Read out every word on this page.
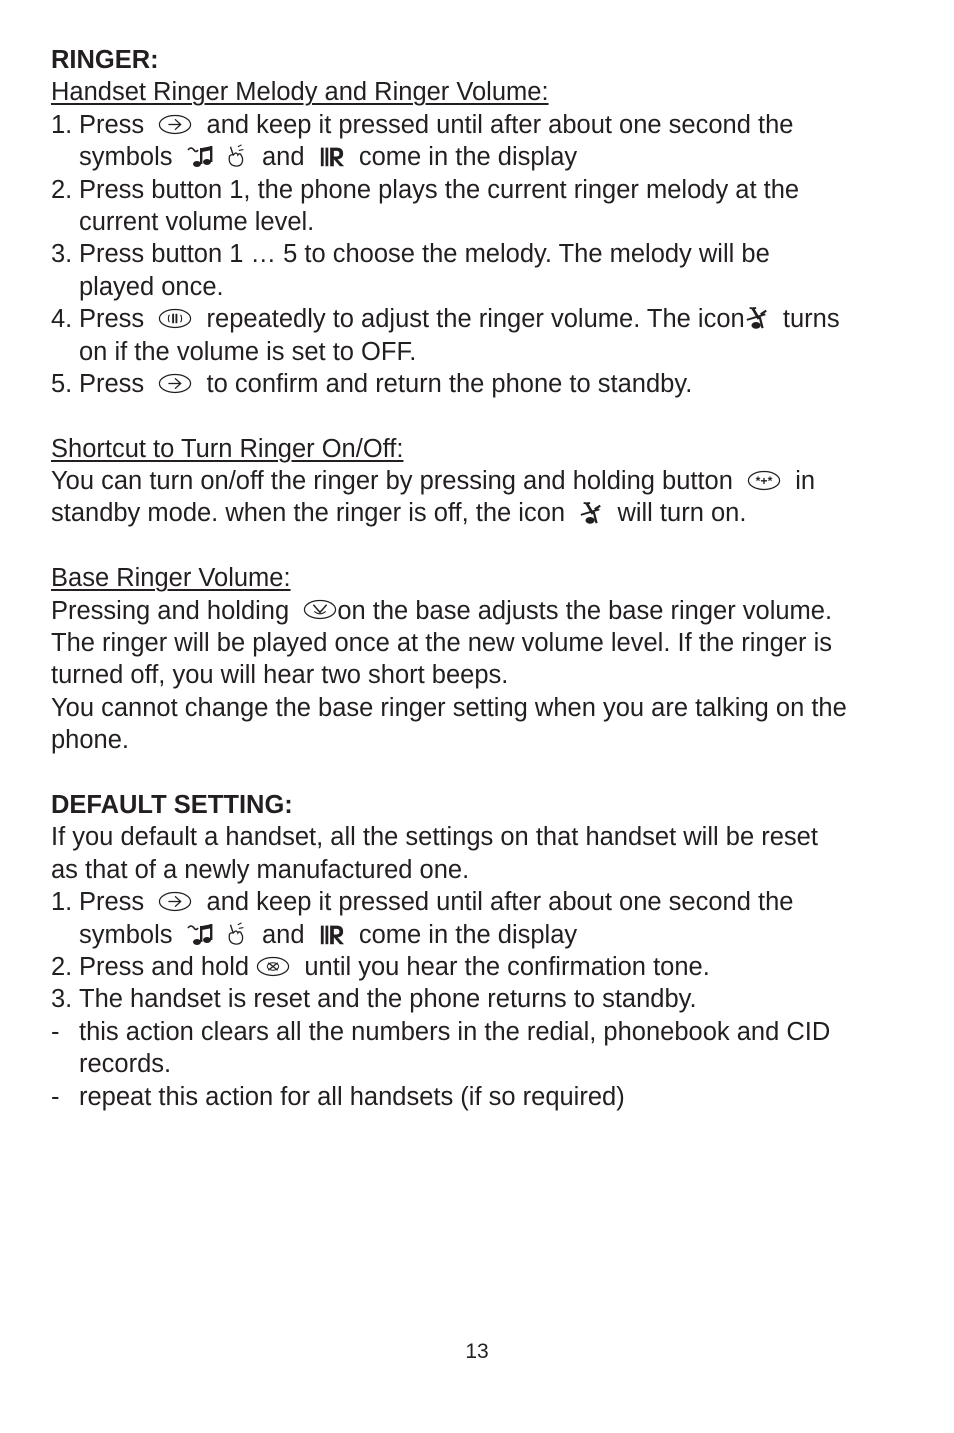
RINGER:
Handset Ringer Melody and Ringer Volume:
1. Press and keep it pressed until after about one second the
symbols
	and come in the display
2. Press button 1, the phone plays the current ringer melody at the
current volume level.
3. Press button 1 … 5 to choose the melody. The melody will be
played once.
4. Press repeatedly to adjust the ringer volume. The icon turns
on if the volume is set to OFF.
5. Press to confirm and return the phone to standby.
Shortcut to Turn Ringer On/Off:
You can turn on/off the ringer by pressing and holding button in
standby mode. when the ringer is off, the icon will turn on.
Base Ringer Volume:
Pressing and holding on the base adjusts the base ringer volume.
The ringer will be played once at the new volume level. If the ringer is
turned off, you will hear two short beeps.
You cannot change the base ringer setting when you are talking on the
phone.
DEFAULT SETTING:
If you default a handset, all the settings on that handset will be reset
as that of a newly manufactured one.
1. Press and keep it pressed until after about one second the
symbols
	and come in the display
2. Press and hold until you hear the confirmation tone.
3. The handset is reset and the phone returns to standby.
- this action clears all the numbers in the redial, phonebook and CID
records.
- repeat this action for all handsets (if so required)
13
